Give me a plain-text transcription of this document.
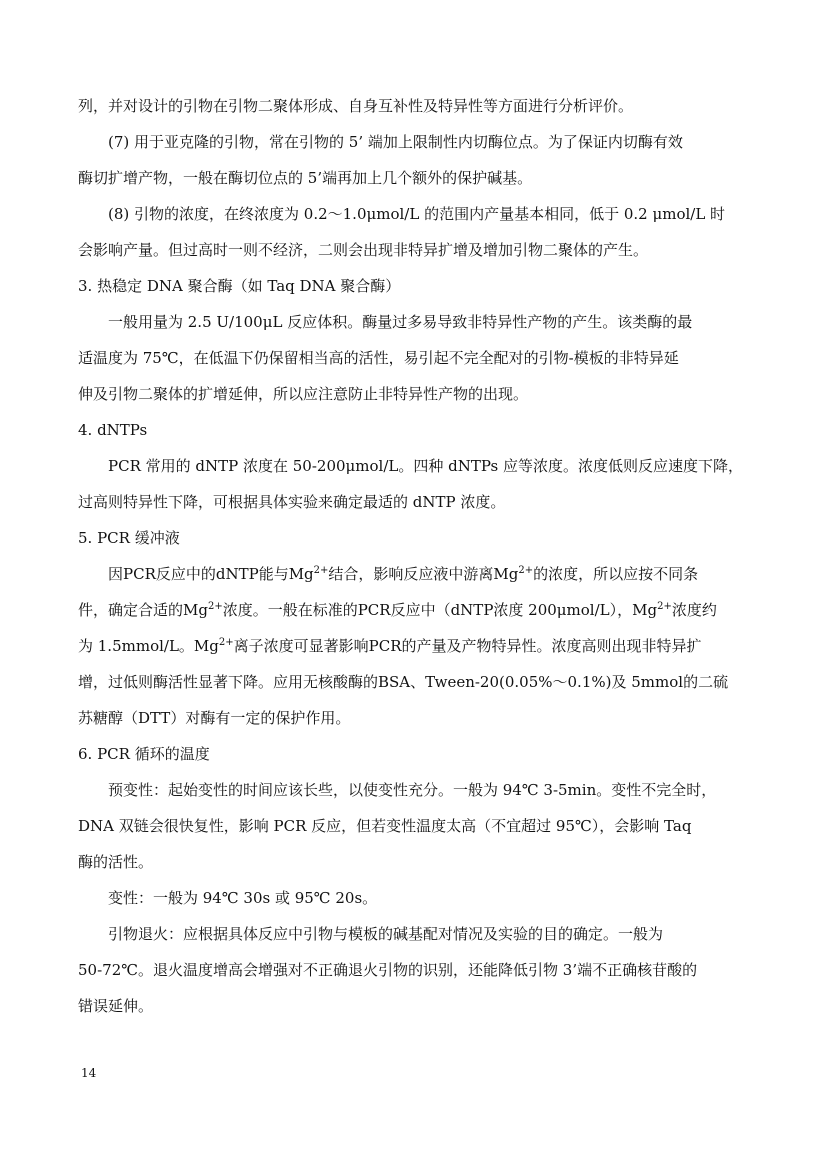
列，并对设计的引物在引物二聚体形成、自身互补性及特异性等方面进行分析评价。

(7) 用于亚克隆的引物，常在引物的 5’ 端加上限制性内切酶位点。为了保证内切酶有效

酶切扩增产物，一般在酶切位点的 5’端再加上几个额外的保护碱基。

(8) 引物的浓度，在终浓度为 0.2～1.0μmol/L 的范围内产量基本相同，低于 0.2 μmol/L 时

会影响产量。但过高时一则不经济，二则会出现非特异扩增及增加引物二聚体的产生。

3. 热稳定 DNA 聚合酶（如 Taq DNA 聚合酶）

一般用量为 2.5 U/100μL 反应体积。酶量过多易导致非特异性产物的产生。该类酶的最

适温度为 75℃，在低温下仍保留相当高的活性，易引起不完全配对的引物-模板的非特异延

伸及引物二聚体的扩增延伸，所以应注意防止非特异性产物的出现。

4. dNTPs

PCR 常用的 dNTP 浓度在 50-200μmol/L。四种 dNTPs 应等浓度。浓度低则反应速度下降，

过高则特异性下降，可根据具体实验来确定最适的 dNTP 浓度。

5. PCR 缓冲液

因PCR反应中的dNTP能与$Mg^{2+}$结合，影响反应液中游离$Mg^{2+}$的浓度，所以应按不同条

件，确定合适的$Mg^{2+}$浓度。一般在标准的PCR反应中（dNTP浓度 200μmol/L），$Mg^{2+}$浓度约

为 1.5mmol/L。$Mg^{2+}$离子浓度可显著影响PCR的产量及产物特异性。浓度高则出现非特异扩

增，过低则酶活性显著下降。应用无核酸酶的BSA、Tween-20(0.05%～0.1%)及 5mmol的二硫

苏糖醇（DTT）对酶有一定的保护作用。

6. PCR 循环的温度

预变性：起始变性的时间应该长些，以使变性充分。一般为 94℃ 3-5min。变性不完全时，

DNA 双链会很快复性，影响 PCR 反应，但若变性温度太高（不宜超过 95℃），会影响 Taq

酶的活性。

变性：一般为 94℃ 30s 或 95℃ 20s。

引物退火：应根据具体反应中引物与模板的碱基配对情况及实验的目的确定。一般为

50-72℃。退火温度增高会增强对不正确退火引物的识别，还能降低引物 3’端不正确核苷酸的

错误延伸。

14
